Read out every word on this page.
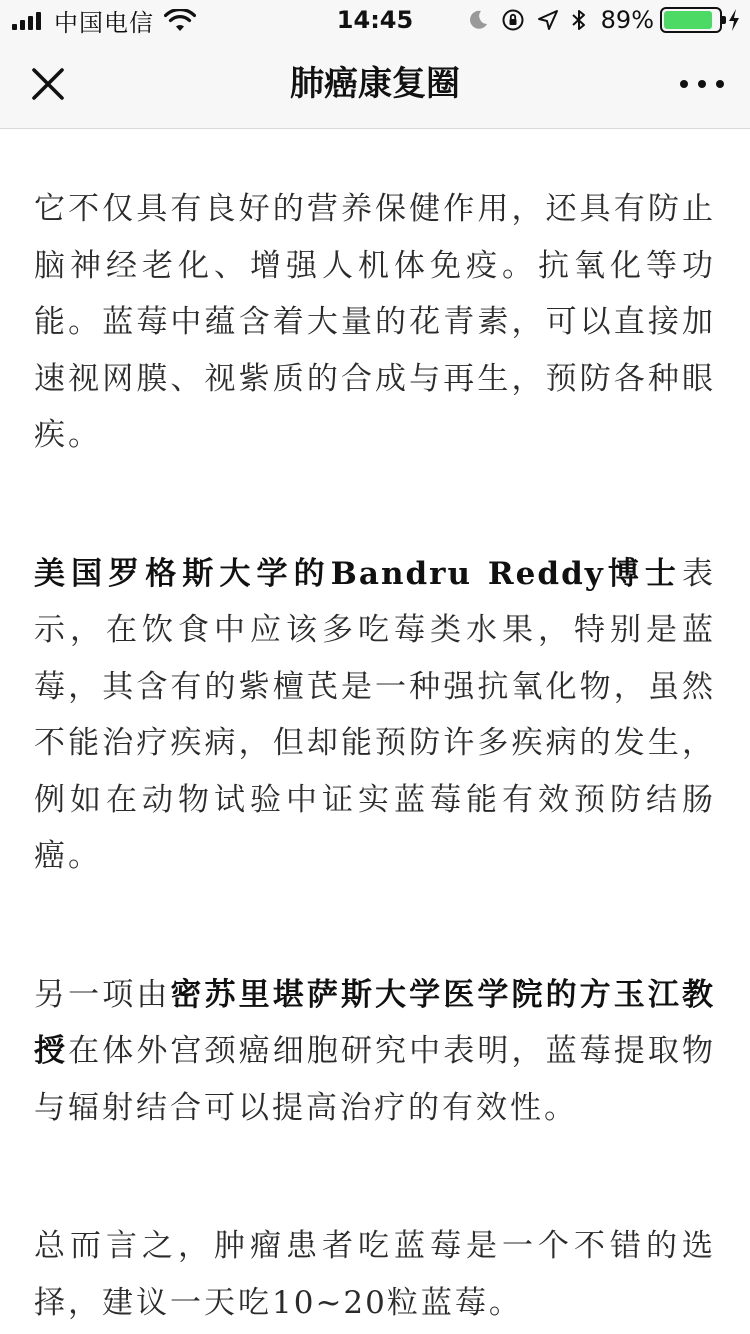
中国电信	14:45	89%
肺癌康复圈

它不仅具有良好的营养保健作用，还具有防止脑神经老化、增强人机体免疫。抗氧化等功能。蓝莓中蕴含着大量的花青素，可以直接加速视网膜、视紫质的合成与再生，预防各种眼疾。

美国罗格斯大学的Bandru Reddy博士表示，在饮食中应该多吃莓类水果，特别是蓝莓，其含有的紫檀芪是一种强抗氧化物，虽然不能治疗疾病，但却能预防许多疾病的发生，例如在动物试验中证实蓝莓能有效预防结肠癌。

另一项由密苏里堪萨斯大学医学院的方玉江教授在体外宫颈癌细胞研究中表明，蓝莓提取物与辐射结合可以提高治疗的有效性。

总而言之，肿瘤患者吃蓝莓是一个不错的选择，建议一天吃10~20粒蓝莓。
